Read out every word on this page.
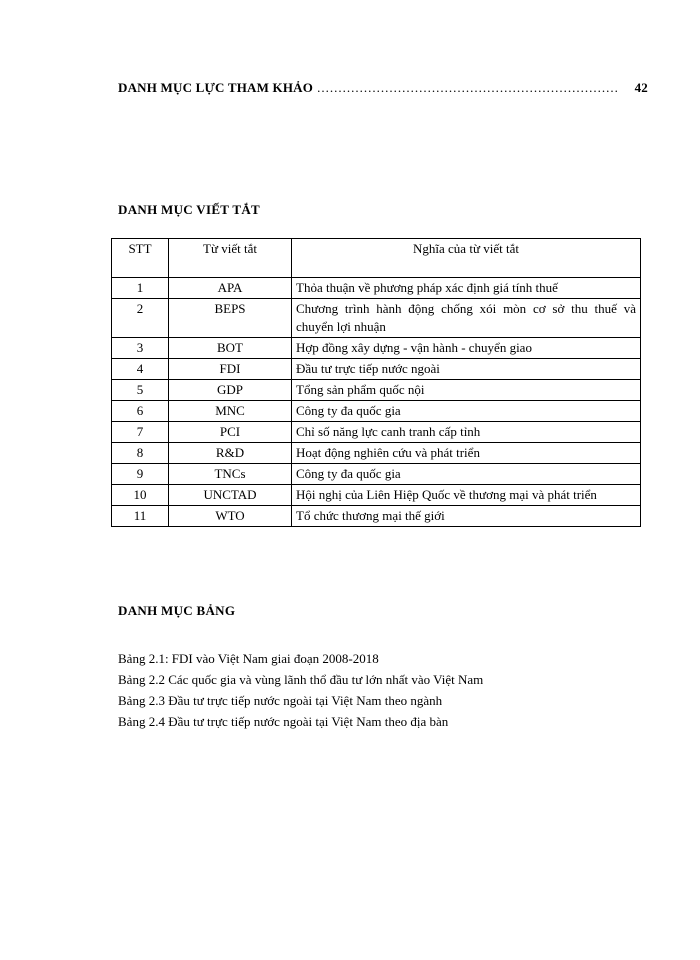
DANH MỤC LỰC THAM KHẢO .....	42
DANH MỤC VIẾT TẮT
STT	Từ viết tắt	Nghĩa của từ viết tắt
1	APA	Thỏa thuận về phương pháp xác định giá tính thuế
2	BEPS	Chương trình hành động chống xói mòn cơ sở thu thuế và chuyển lợi nhuận
3	BOT	Hợp đồng xây dựng - vận hành - chuyển giao
4	FDI	Đầu tư trực tiếp nước ngoài
5	GDP	Tổng sản phẩm quốc nội
6	MNC	Công ty đa quốc gia
7	PCI	Chỉ số năng lực canh tranh cấp tỉnh
8	R&D	Hoạt động nghiên cứu và phát triển
9	TNCs	Công ty đa quốc gia
10	UNCTAD	Hội nghị của Liên Hiệp Quốc về thương mại và phát triển
11	WTO	Tổ chức thương mại thế giới
DANH MỤC BẢNG
Bảng 2.1: FDI vào Việt Nam giai đoạn 2008-2018
Bảng 2.2 Các quốc gia và vùng lãnh thổ đầu tư lớn nhất vào Việt Nam
Bảng 2.3 Đầu tư trực tiếp nước ngoài tại Việt Nam theo ngành
Bảng 2.4 Đầu tư trực tiếp nước ngoài tại Việt Nam theo địa bàn
